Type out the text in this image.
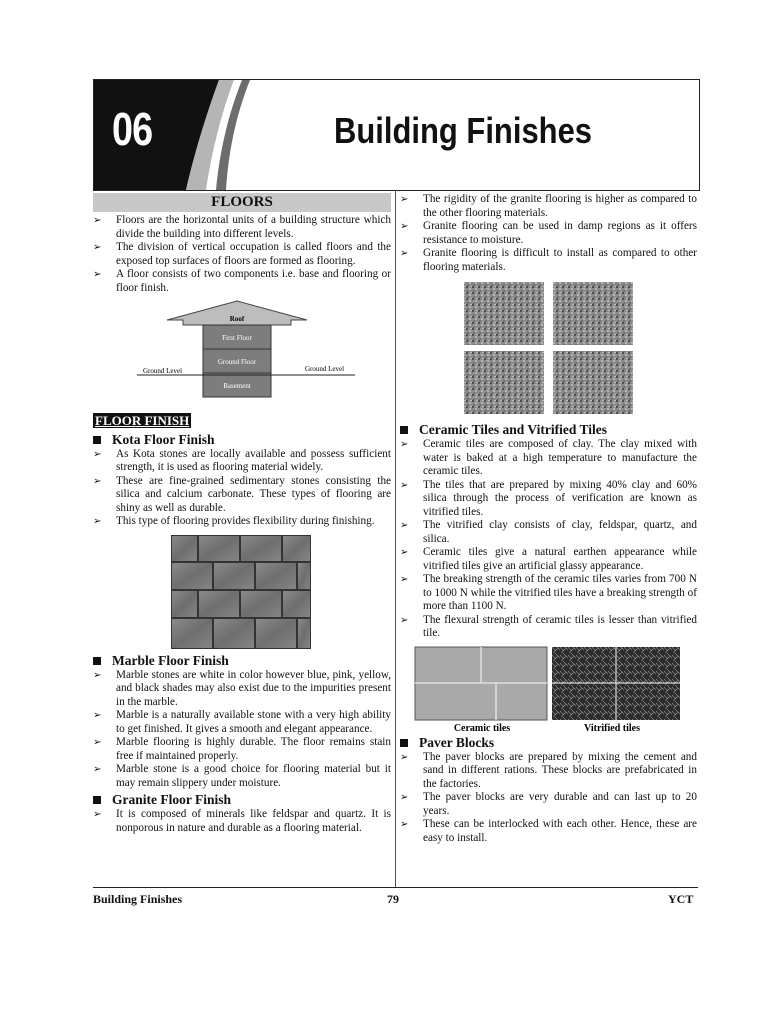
06	Building Finishes
FLOORS
➢ Floors are the horizontal units of a building structure which divide the building into different levels.
➢ The division of vertical occupation is called floors and the exposed top surfaces of floors are formed as flooring.
➢ A floor consists of two components i.e. base and flooring or floor finish.
Roof
First Floor
Ground Floor
Basement
Ground Level	Ground Level
FLOOR FINISH
Kota Floor Finish
➢ As Kota stones are locally available and possess sufficient strength, it is used as flooring material widely.
➢ These are fine-grained sedimentary stones consisting the silica and calcium carbonate. These types of flooring are shiny as well as durable.
➢ This type of flooring provides flexibility during finishing.
Marble Floor Finish
➢ Marble stones are white in color however blue, pink, yellow, and black shades may also exist due to the impurities present in the marble.
➢ Marble is a naturally available stone with a very high ability to get finished. It gives a smooth and elegant appearance.
➢ Marble flooring is highly durable. The floor remains stain free if maintained properly.
➢ Marble stone is a good choice for flooring material but it may remain slippery under moisture.
Granite Floor Finish
➢ It is composed of minerals like feldspar and quartz. It is nonporous in nature and durable as a flooring material.
➢ The rigidity of the granite flooring is higher as compared to the other flooring materials.
➢ Granite flooring can be used in damp regions as it offers resistance to moisture.
➢ Granite flooring is difficult to install as compared to other flooring materials.
Ceramic Tiles and Vitrified Tiles
➢ Ceramic tiles are composed of clay. The clay mixed with water is baked at a high temperature to manufacture the ceramic tiles.
➢ The tiles that are prepared by mixing 40% clay and 60% silica through the process of verification are known as vitrified tiles.
➢ The vitrified clay consists of clay, feldspar, quartz, and silica.
➢ Ceramic tiles give a natural earthen appearance while vitrified tiles give an artificial glassy appearance.
➢ The breaking strength of the ceramic tiles varies from 700 N to 1000 N while the vitrified tiles have a breaking strength of more than 1100 N.
➢ The flexural strength of ceramic tiles is lesser than vitrified tile.
Ceramic tiles	Vitrified tiles
Paver Blocks
➢ The paver blocks are prepared by mixing the cement and sand in different rations. These blocks are prefabricated in the factories.
➢ The paver blocks are very durable and can last up to 20 years.
➢ These can be interlocked with each other. Hence, these are easy to install.
Building Finishes	79	YCT
